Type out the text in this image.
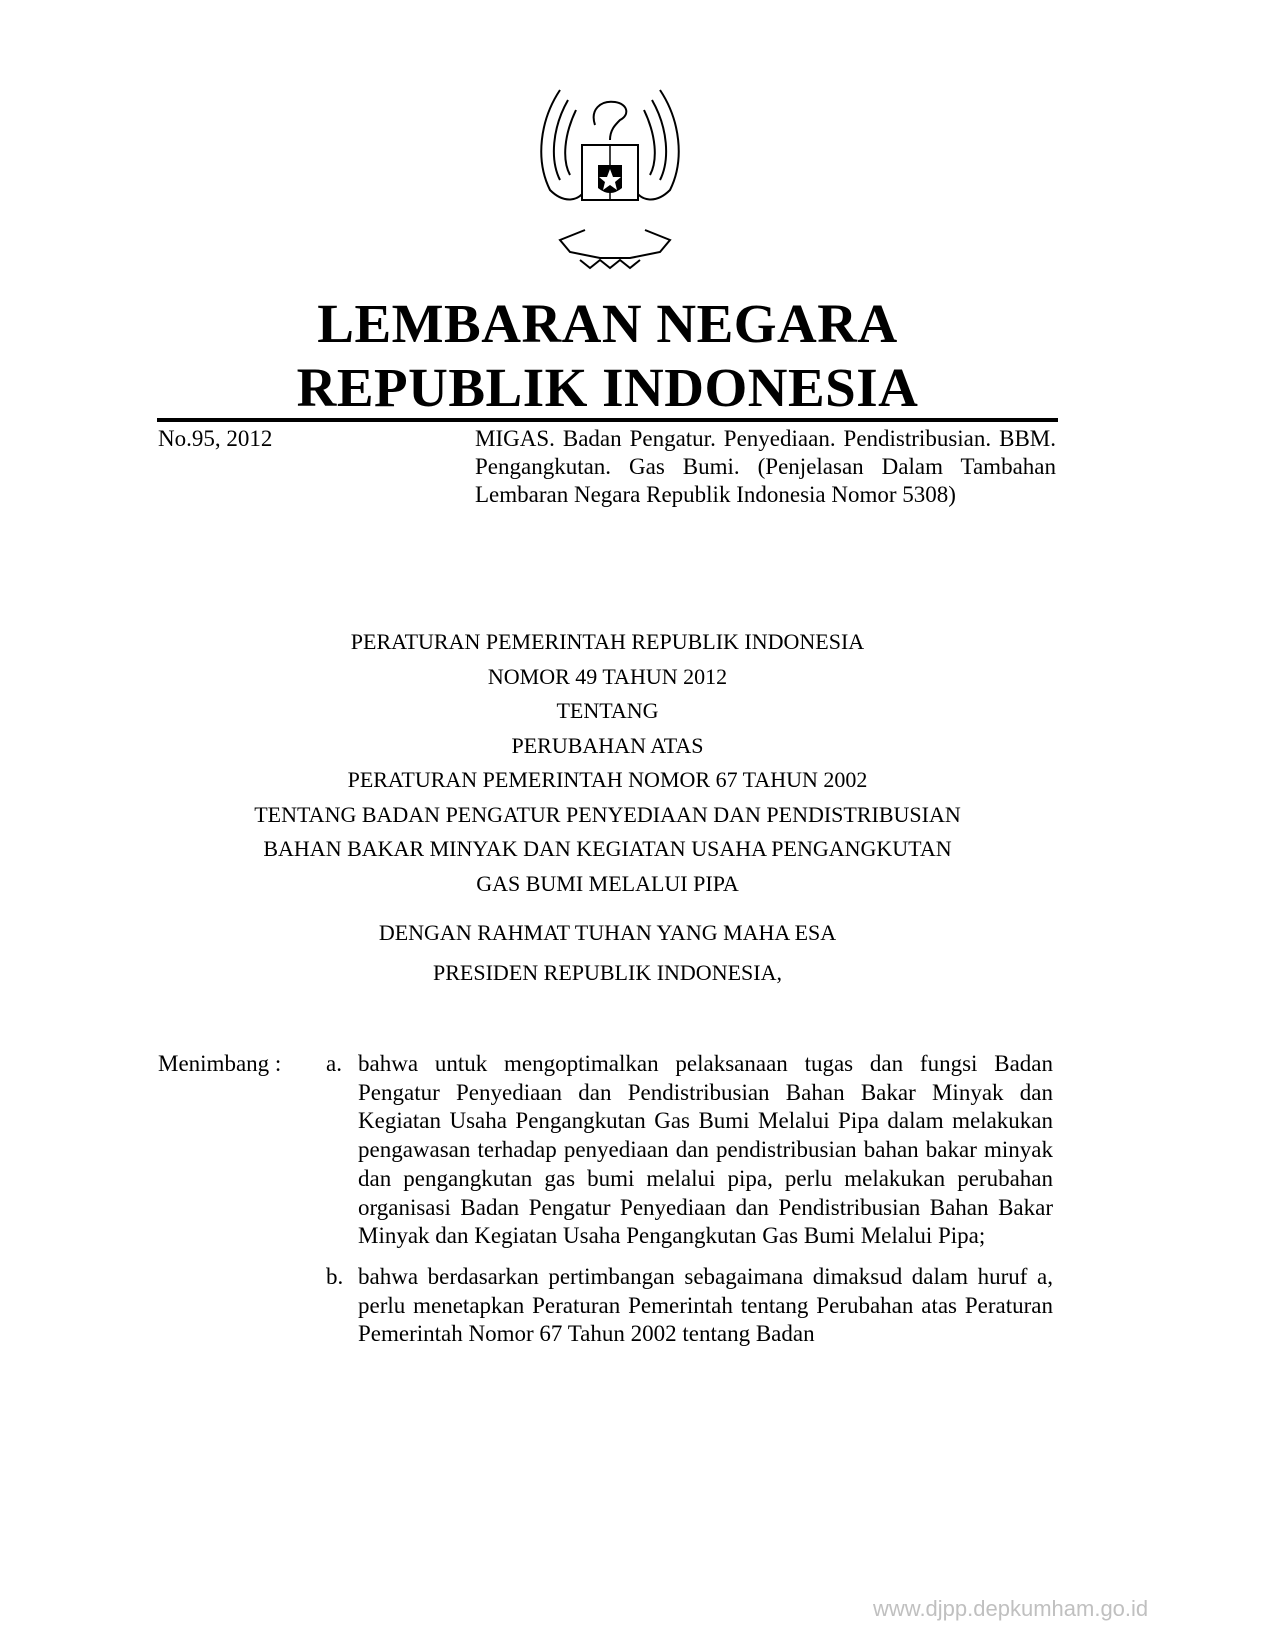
LEMBARAN NEGARA
REPUBLIK INDONESIA
No.95, 2012	MIGAS. Badan Pengatur. Penyediaan. Pendistribusian. BBM. Pengangkutan. Gas Bumi. (Penjelasan Dalam Tambahan Lembaran Negara Republik Indonesia Nomor 5308)
PERATURAN PEMERINTAH REPUBLIK INDONESIA
NOMOR 49 TAHUN 2012
TENTANG
PERUBAHAN ATAS
PERATURAN PEMERINTAH NOMOR 67 TAHUN 2002
TENTANG BADAN PENGATUR PENYEDIAAN DAN PENDISTRIBUSIAN
BAHAN BAKAR MINYAK DAN KEGIATAN USAHA PENGANGKUTAN
GAS BUMI MELALUI PIPA
DENGAN RAHMAT TUHAN YANG MAHA ESA
PRESIDEN REPUBLIK INDONESIA,
Menimbang :	a. bahwa untuk mengoptimalkan pelaksanaan tugas dan fungsi Badan Pengatur Penyediaan dan Pendistribusian Bahan Bakar Minyak dan Kegiatan Usaha Pengangkutan Gas Bumi Melalui Pipa dalam melakukan pengawasan terhadap penyediaan dan pendistribusian bahan bakar minyak dan pengangkutan gas bumi melalui pipa, perlu melakukan perubahan organisasi Badan Pengatur Penyediaan dan Pendistribusian Bahan Bakar Minyak dan Kegiatan Usaha Pengangkutan Gas Bumi Melalui Pipa;
b. bahwa berdasarkan pertimbangan sebagaimana dimaksud dalam huruf a, perlu menetapkan Peraturan Pemerintah tentang Perubahan atas Peraturan Pemerintah Nomor 67 Tahun 2002 tentang Badan
www.djpp.depkumham.go.id
